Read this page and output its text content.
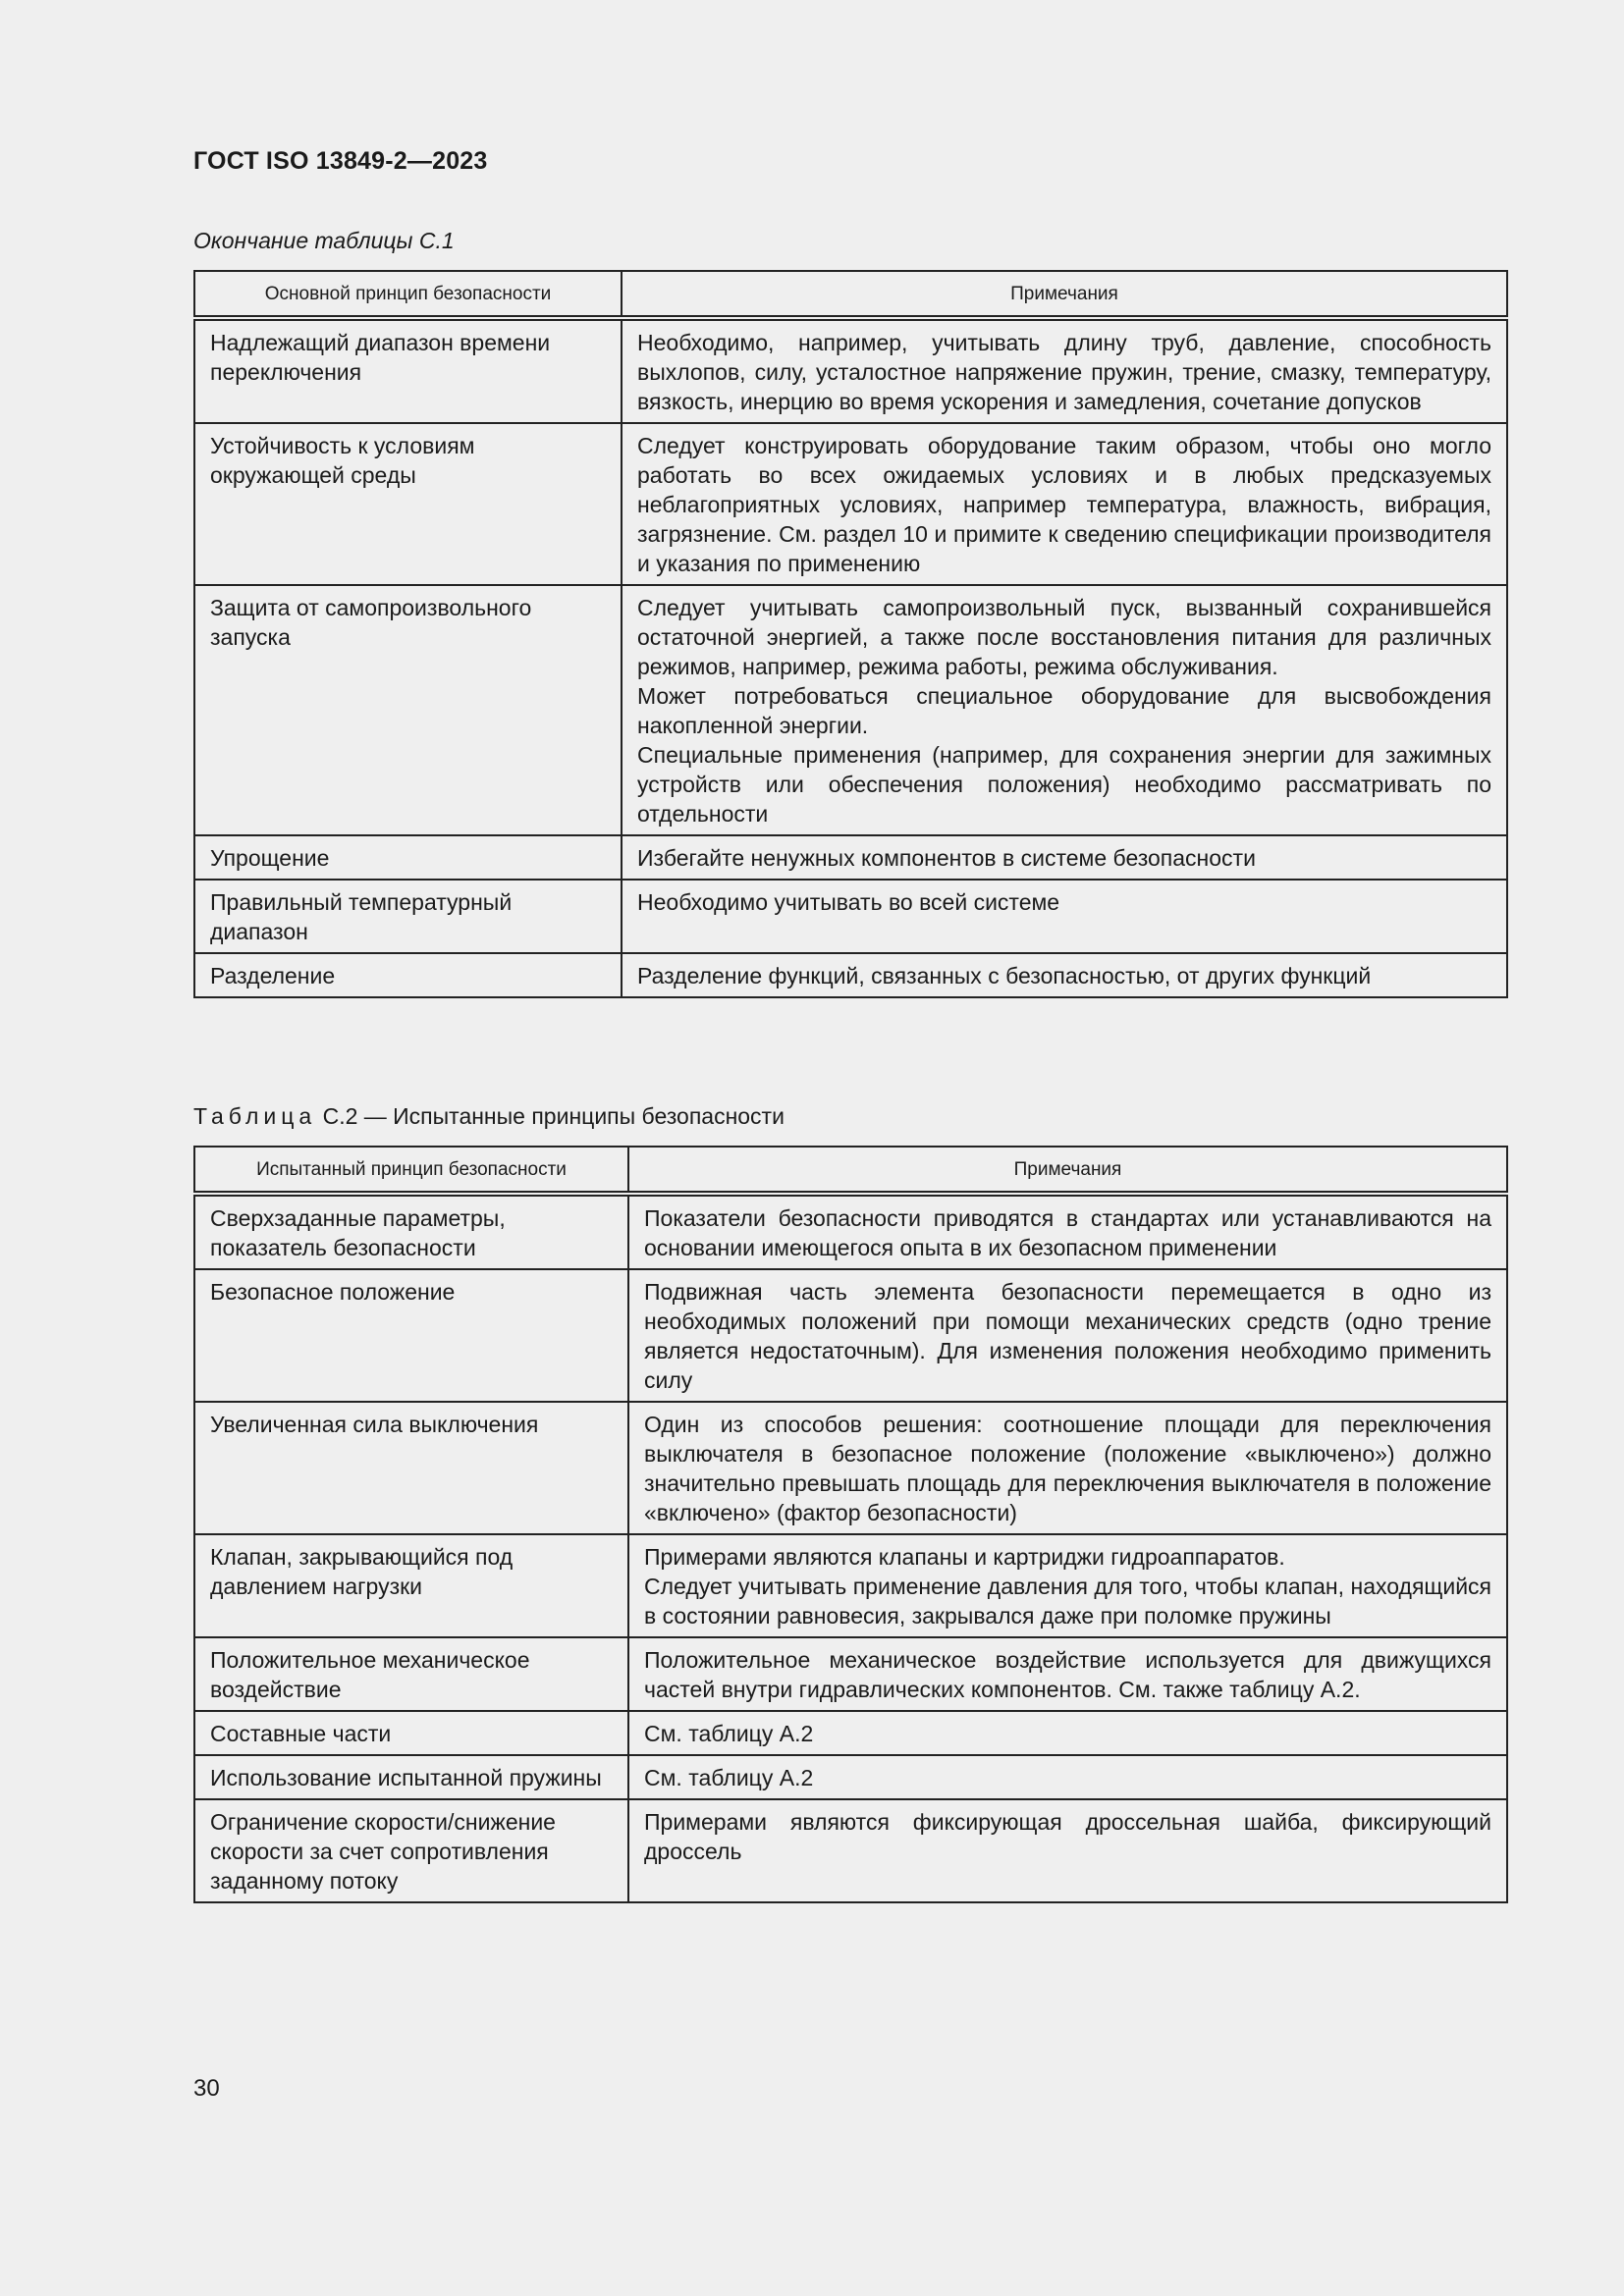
ГОСТ ISO 13849-2—2023
Окончание таблицы С.1
Основной принцип безопасности	Примечания
Надлежащий диапазон времени переключения	Необходимо, например, учитывать длину труб, давление, способность выхлопов, силу, усталостное напряжение пружин, трение, смазку, температуру, вязкость, инерцию во время ускорения и замедления, сочетание допусков

Устойчивость к условиям окружающей среды	Следует конструировать оборудование таким образом, чтобы оно могло работать во всех ожидаемых условиях и в любых предсказуемых неблагоприятных условиях, например температура, влажность, вибрация, загрязнение. См. раздел 10 и примите к сведению спецификации производителя и указания по применению

Защита от самопроизвольного запуска	Следует учитывать самопроизвольный пуск, вызванный сохранившейся остаточной энергией, а также после восстановления питания для различных режимов, например, режима работы, режима обслуживания.
Может потребоваться специальное оборудование для высвобождения накопленной энергии.
Специальные применения (например, для сохранения энергии для зажимных устройств или обеспечения положения) необходимо рассматривать по отдельности

Упрощение	Избегайте ненужных компонентов в системе безопасности

Правильный температурный диапазон	Необходимо учитывать во всей системе

Разделение	Разделение функций, связанных с безопасностью, от других функций
Таблица С.2 — Испытанные принципы безопасности
Испытанный принцип безопасности	Примечания
Сверхзаданные параметры, показатель безопасности	Показатели безопасности приводятся в стандартах или устанавливаются на основании имеющегося опыта в их безопасном применении

Безопасное положение	Подвижная часть элемента безопасности перемещается в одно из необходимых положений при помощи механических средств (одно трение является недостаточным). Для изменения положения необходимо применить силу

Увеличенная сила выключения	Один из способов решения: соотношение площади для переключения выключателя в безопасное положение (положение «выключено») должно значительно превышать площадь для переключения выключателя в положение «включено» (фактор безопасности)

Клапан, закрывающийся под давлением нагрузки	Примерами являются клапаны и картриджи гидроаппаратов.
Следует учитывать применение давления для того, чтобы клапан, находящийся в состоянии равновесия, закрывался даже при поломке пружины

Положительное механическое воздействие	Положительное механическое воздействие используется для движущихся частей внутри гидравлических компонентов. См. также таблицу А.2.

Составные части	См. таблицу А.2

Использование испытанной пружины	См. таблицу А.2

Ограничение скорости/снижение скорости за счет сопротивления заданному потоку	Примерами являются фиксирующая дроссельная шайба, фиксирующий дроссель
30
